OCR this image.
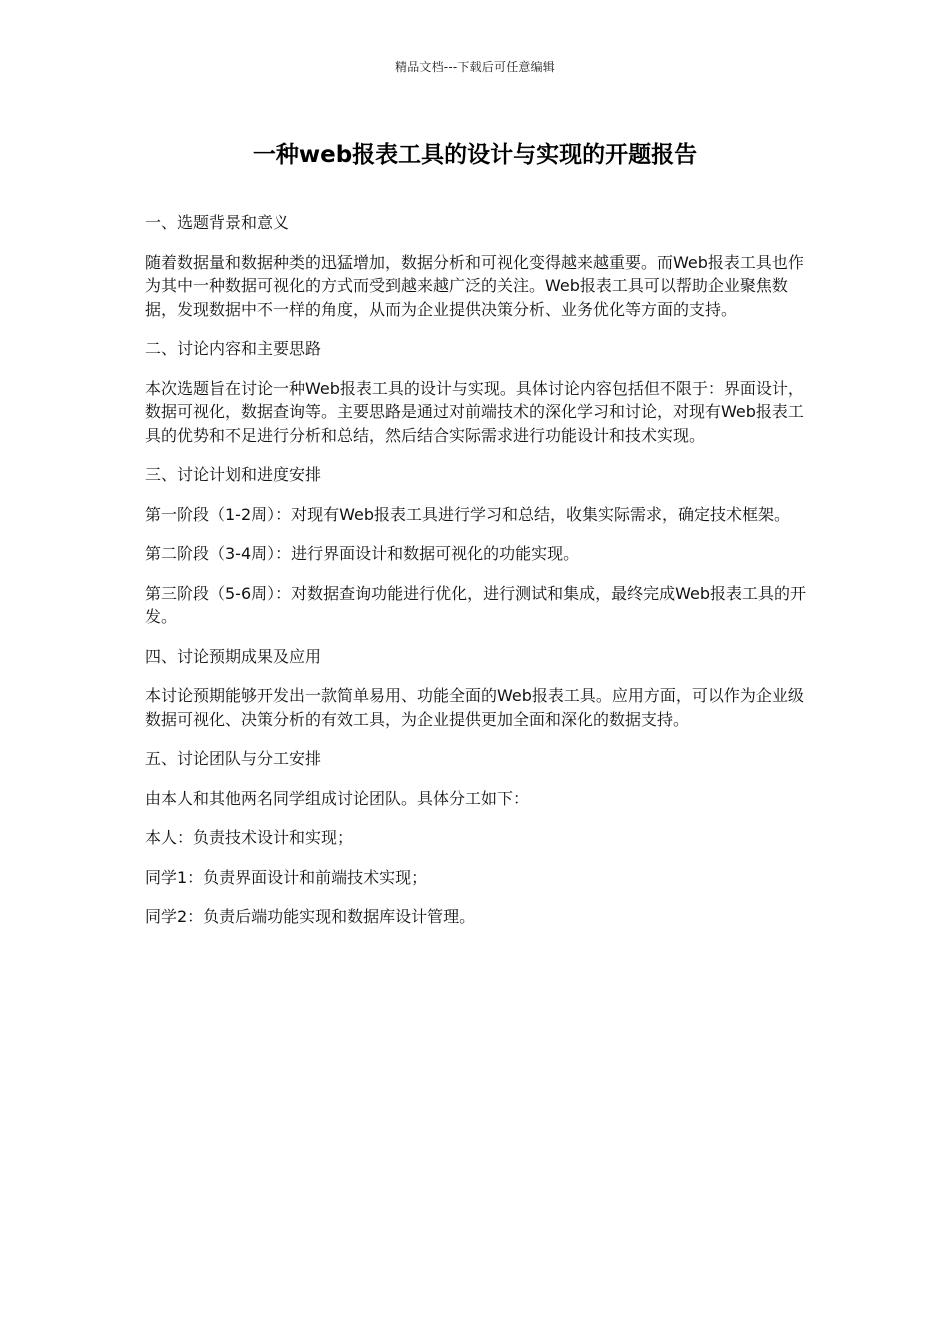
精品文档---下载后可任意编辑
一种web报表工具的设计与实现的开题报告

一、选题背景和意义

随着数据量和数据种类的迅猛增加，数据分析和可视化变得越来越重要。而Web报表工具也作为其中一种数据可视化的方式而受到越来越广泛的关注。Web报表工具可以帮助企业聚焦数据，发现数据中不一样的角度，从而为企业提供决策分析、业务优化等方面的支持。

二、讨论内容和主要思路

本次选题旨在讨论一种Web报表工具的设计与实现。具体讨论内容包括但不限于：界面设计，数据可视化，数据查询等。主要思路是通过对前端技术的深化学习和讨论，对现有Web报表工具的优势和不足进行分析和总结，然后结合实际需求进行功能设计和技术实现。

三、讨论计划和进度安排

第一阶段（1-2周）：对现有Web报表工具进行学习和总结，收集实际需求，确定技术框架。

第二阶段（3-4周）：进行界面设计和数据可视化的功能实现。

第三阶段（5-6周）：对数据查询功能进行优化，进行测试和集成，最终完成Web报表工具的开发。

四、讨论预期成果及应用

本讨论预期能够开发出一款简单易用、功能全面的Web报表工具。应用方面，可以作为企业级数据可视化、决策分析的有效工具，为企业提供更加全面和深化的数据支持。

五、讨论团队与分工安排

由本人和其他两名同学组成讨论团队。具体分工如下：

本人：负责技术设计和实现；

同学1：负责界面设计和前端技术实现；

同学2：负责后端功能实现和数据库设计管理。
